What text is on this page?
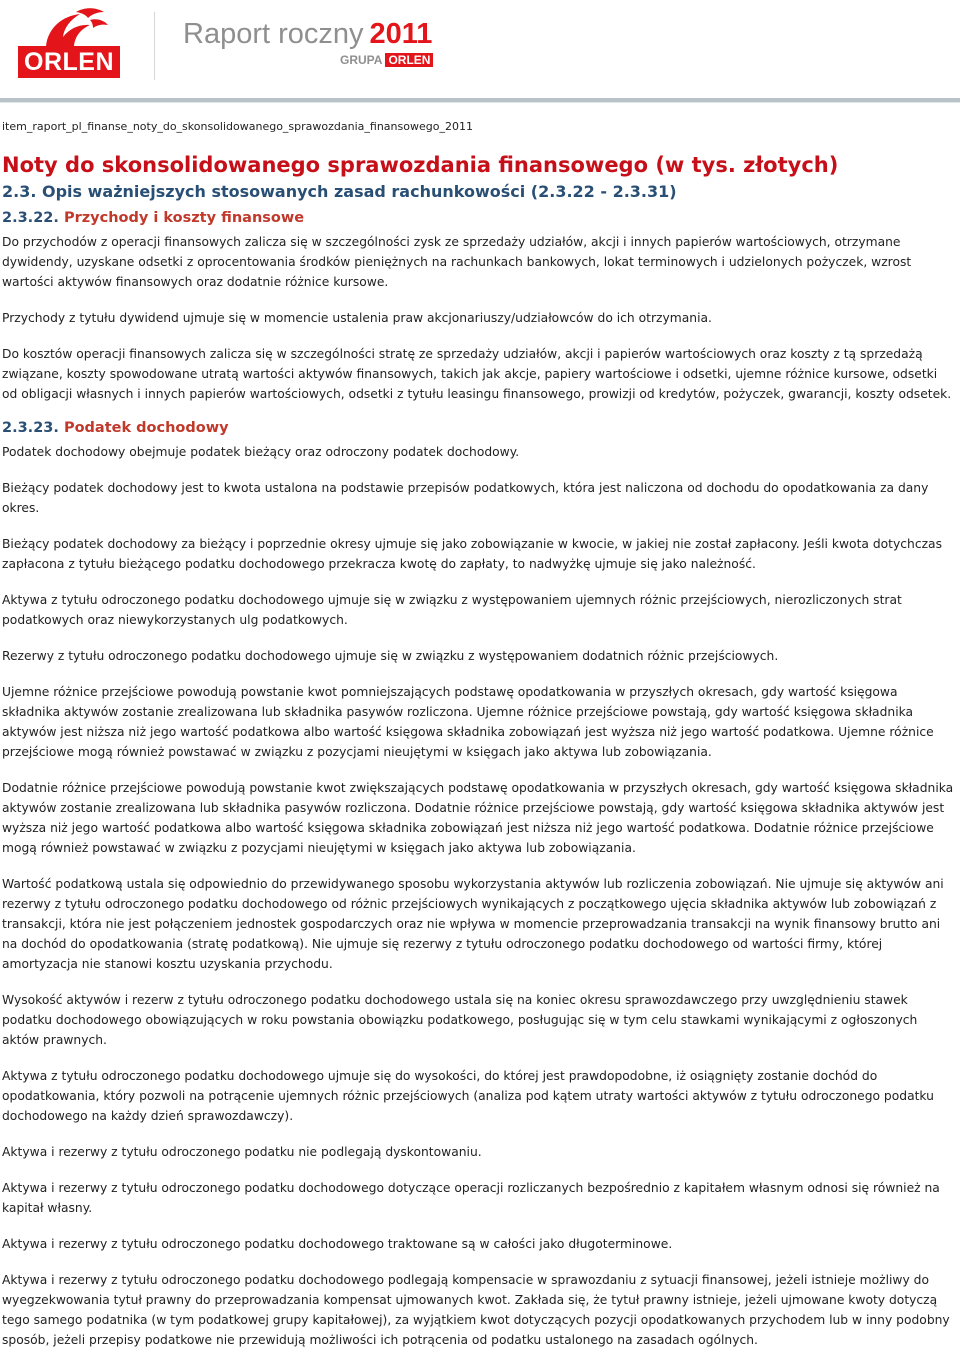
ORLEN
Raport roczny 2011
GRUPA ORLEN

item_raport_pl_finanse_noty_do_skonsolidowanego_sprawozdania_finansowego_2011

Noty do skonsolidowanego sprawozdania finansowego (w tys. złotych)
2.3. Opis ważniejszych stosowanych zasad rachunkowości (2.3.22 - 2.3.31)
2.3.22. Przychody i koszty finansowe

Do przychodów z operacji finansowych zalicza się w szczególności zysk ze sprzedaży udziałów, akcji i innych papierów wartościowych, otrzymane dywidendy, uzyskane odsetki z oprocentowania środków pieniężnych na rachunkach bankowych, lokat terminowych i udzielonych pożyczek, wzrost wartości aktywów finansowych oraz dodatnie różnice kursowe.

Przychody z tytułu dywidend ujmuje się w momencie ustalenia praw akcjonariuszy/udziałowców do ich otrzymania.

Do kosztów operacji finansowych zalicza się w szczególności stratę ze sprzedaży udziałów, akcji i papierów wartościowych oraz koszty z tą sprzedażą związane, koszty spowodowane utratą wartości aktywów finansowych, takich jak akcje, papiery wartościowe i odsetki, ujemne różnice kursowe, odsetki od obligacji własnych i innych papierów wartościowych, odsetki z tytułu leasingu finansowego, prowizji od kredytów, pożyczek, gwarancji, koszty odsetek.

2.3.23. Podatek dochodowy

Podatek dochodowy obejmuje podatek bieżący oraz odroczony podatek dochodowy.

Bieżący podatek dochodowy jest to kwota ustalona na podstawie przepisów podatkowych, która jest naliczona od dochodu do opodatkowania za dany okres.

Bieżący podatek dochodowy za bieżący i poprzednie okresy ujmuje się jako zobowiązanie w kwocie, w jakiej nie został zapłacony. Jeśli kwota dotychczas zapłacona z tytułu bieżącego podatku dochodowego przekracza kwotę do zapłaty, to nadwyżkę ujmuje się jako należność.

Aktywa z tytułu odroczonego podatku dochodowego ujmuje się w związku z występowaniem ujemnych różnic przejściowych, nierozliczonych strat podatkowych oraz niewykorzystanych ulg podatkowych.

Rezerwy z tytułu odroczonego podatku dochodowego ujmuje się w związku z występowaniem dodatnich różnic przejściowych.

Ujemne różnice przejściowe powodują powstanie kwot pomniejszających podstawę opodatkowania w przyszłych okresach, gdy wartość księgowa składnika aktywów zostanie zrealizowana lub składnika pasywów rozliczona. Ujemne różnice przejściowe powstają, gdy wartość księgowa składnika aktywów jest niższa niż jego wartość podatkowa albo wartość księgowa składnika zobowiązań jest wyższa niż jego wartość podatkowa. Ujemne różnice przejściowe mogą również powstawać w związku z pozycjami nieujętymi w księgach jako aktywa lub zobowiązania.

Dodatnie różnice przejściowe powodują powstanie kwot zwiększających podstawę opodatkowania w przyszłych okresach, gdy wartość księgowa składnika aktywów zostanie zrealizowana lub składnika pasywów rozliczona. Dodatnie różnice przejściowe powstają, gdy wartość księgowa składnika aktywów jest wyższa niż jego wartość podatkowa albo wartość księgowa składnika zobowiązań jest niższa niż jego wartość podatkowa. Dodatnie różnice przejściowe mogą również powstawać w związku z pozycjami nieujętymi w księgach jako aktywa lub zobowiązania.

Wartość podatkową ustala się odpowiednio do przewidywanego sposobu wykorzystania aktywów lub rozliczenia zobowiązań. Nie ujmuje się aktywów ani rezerwy z tytułu odroczonego podatku dochodowego od różnic przejściowych wynikających z początkowego ujęcia składnika aktywów lub zobowiązań z transakcji, która nie jest połączeniem jednostek gospodarczych oraz nie wpływa w momencie przeprowadzania transakcji na wynik finansowy brutto ani na dochód do opodatkowania (stratę podatkową). Nie ujmuje się rezerwy z tytułu odroczonego podatku dochodowego od wartości firmy, której amortyzacja nie stanowi kosztu uzyskania przychodu.

Wysokość aktywów i rezerw z tytułu odroczonego podatku dochodowego ustala się na koniec okresu sprawozdawczego przy uwzględnieniu stawek podatku dochodowego obowiązujących w roku powstania obowiązku podatkowego, posługując się w tym celu stawkami wynikającymi z ogłoszonych aktów prawnych.

Aktywa z tytułu odroczonego podatku dochodowego ujmuje się do wysokości, do której jest prawdopodobne, iż osiągnięty zostanie dochód do opodatkowania, który pozwoli na potrącenie ujemnych różnic przejściowych (analiza pod kątem utraty wartości aktywów z tytułu odroczonego podatku dochodowego na każdy dzień sprawozdawczy).

Aktywa i rezerwy z tytułu odroczonego podatku nie podlegają dyskontowaniu.

Aktywa i rezerwy z tytułu odroczonego podatku dochodowego dotyczące operacji rozliczanych bezpośrednio z kapitałem własnym odnosi się również na kapitał własny.

Aktywa i rezerwy z tytułu odroczonego podatku dochodowego traktowane są w całości jako długoterminowe.

Aktywa i rezerwy z tytułu odroczonego podatku dochodowego podlegają kompensacie w sprawozdaniu z sytuacji finansowej, jeżeli istnieje możliwy do wyegzekwowania tytuł prawny do przeprowadzania kompensat ujmowanych kwot. Zakłada się, że tytuł prawny istnieje, jeżeli ujmowane kwoty dotyczą tego samego podatnika (w tym podatkowej grupy kapitałowej), za wyjątkiem kwot dotyczących pozycji opodatkowanych przychodem lub w inny podobny sposób, jeżeli przepisy podatkowe nie przewidują możliwości ich potrącenia od podatku ustalonego na zasadach ogólnych.
